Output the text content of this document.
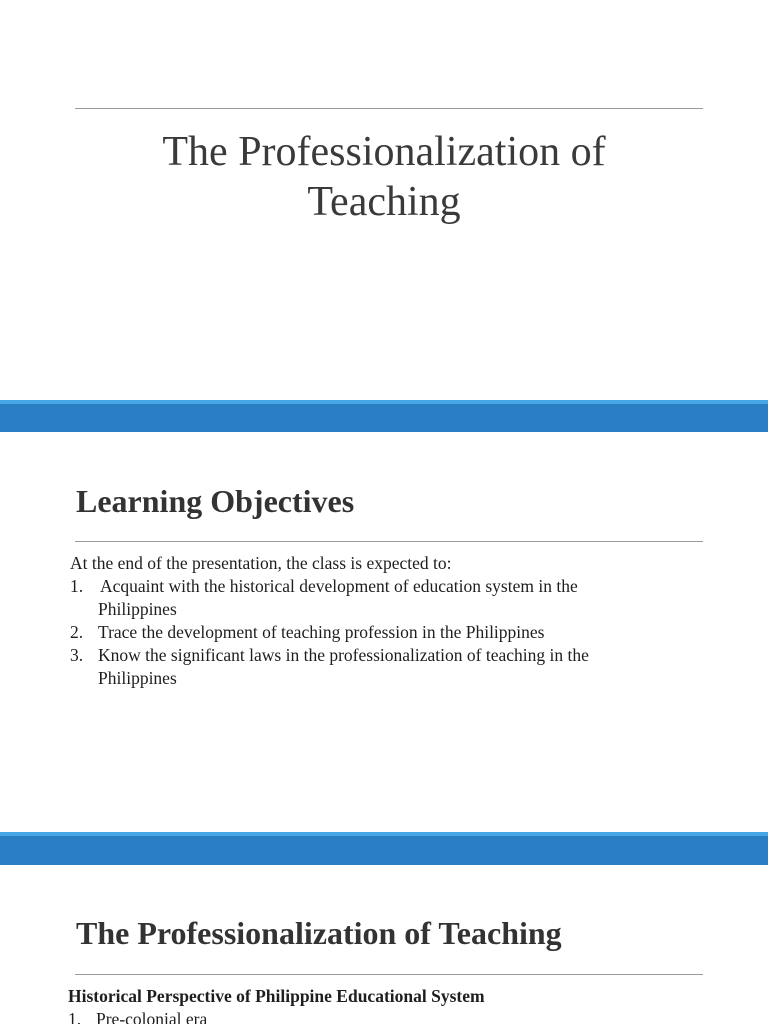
The Professionalization of
Teaching
Learning Objectives

At the end of the presentation, the class is expected to:

1. Acquaint with the historical development of education system in the
Philippines
2. Trace the development of teaching profession in the Philippines
3. Know the significant laws in the professionalization of teaching in the
Philippines
The Professionalization of Teaching

Historical Perspective of Philippine Educational System

1. Pre-colonial era
